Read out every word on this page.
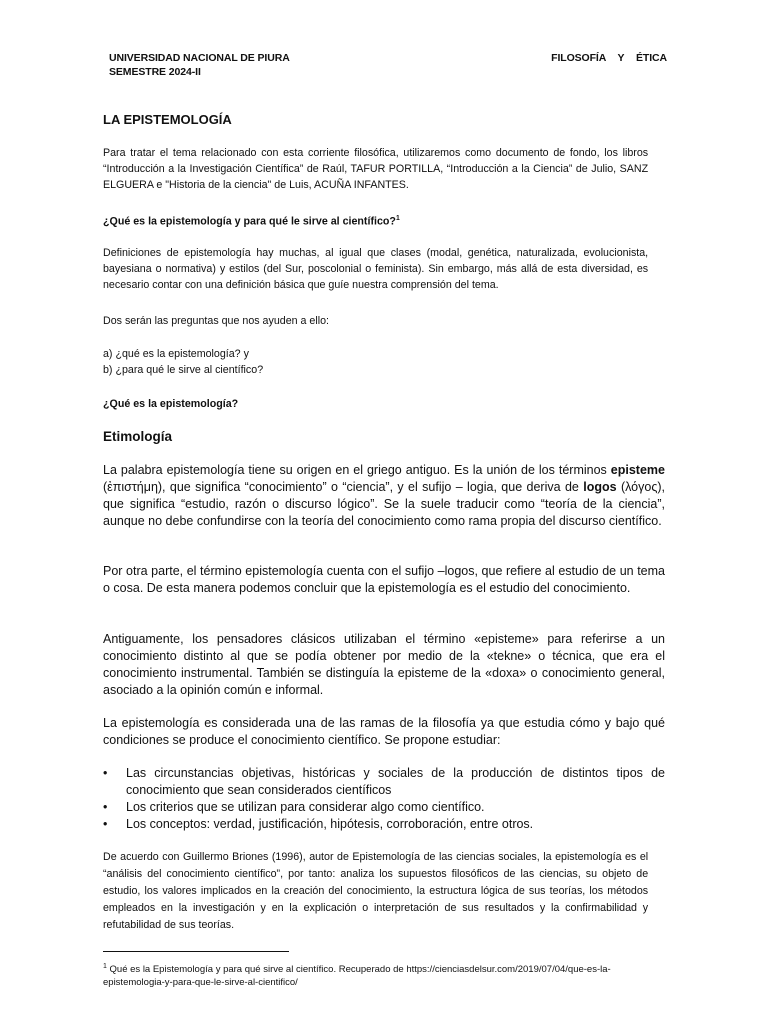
UNIVERSIDAD NACIONAL DE PIURA
SEMESTRE 2024-II
FILOSOFÍA Y ÉTICA
LA EPISTEMOLOGÍA
Para tratar el tema relacionado con esta corriente filosófica, utilizaremos como documento de fondo, los libros “Introducción a la Investigación Científica” de Raúl, TAFUR PORTILLA, “Introducción a la Ciencia” de Julio, SANZ ELGUERA e "Historia de la ciencia" de Luis, ACUÑA INFANTES.
¿Qué es la epistemología y para qué le sirve al científico?$^1$
Definiciones de epistemología hay muchas, al igual que clases (modal, genética, naturalizada, evolucionista, bayesiana o normativa) y estilos (del Sur, poscolonial o feminista). Sin embargo, más allá de esta diversidad, es necesario contar con una definición básica que guíe nuestra comprensión del tema.
Dos serán las preguntas que nos ayuden a ello:
a) ¿qué es la epistemología? y
b) ¿para qué le sirve al científico?
¿Qué es la epistemología?
Etimología
La palabra epistemología tiene su origen en el griego antiguo. Es la unión de los términos episteme (ἐπιστήμη), que significa “conocimiento” o “ciencia”, y el sufijo – logia, que deriva de logos (λόγος), que significa “estudio, razón o discurso lógico”. Se la suele traducir como “teoría de la ciencia”, aunque no debe confundirse con la teoría del conocimiento como rama propia del discurso científico.
Por otra parte, el término epistemología cuenta con el sufijo –logos, que refiere al estudio de un tema o cosa. De esta manera podemos concluir que la epistemología es el estudio del conocimiento.
Antiguamente, los pensadores clásicos utilizaban el término «episteme» para referirse a un conocimiento distinto al que se podía obtener por medio de la «tekne» o técnica, que era el conocimiento instrumental. También se distinguía la episteme de la «doxa» o conocimiento general, asociado a la opinión común e informal.
La epistemología es considerada una de las ramas de la filosofía ya que estudia cómo y bajo qué condiciones se produce el conocimiento científico. Se propone estudiar:
• Las circunstancias objetivas, históricas y sociales de la producción de distintos tipos de conocimiento que sean considerados científicos
• Los criterios que se utilizan para considerar algo como científico.
• Los conceptos: verdad, justificación, hipótesis, corroboración, entre otros.
De acuerdo con Guillermo Briones (1996), autor de Epistemología de las ciencias sociales, la epistemología es el “análisis del conocimiento científico”, por tanto: analiza los supuestos filosóficos de las ciencias, su objeto de estudio, los valores implicados en la creación del conocimiento, la estructura lógica de sus teorías, los métodos empleados en la investigación y en la explicación o interpretación de sus resultados y la confirmabilidad y refutabilidad de sus teorías.
$^1$ Qué es la Epistemología y para qué sirve al científico. Recuperado de https://cienciasdelsur.com/2019/07/04/que-es-la-epistemologia-y-para-que-le-sirve-al-cientifico/
